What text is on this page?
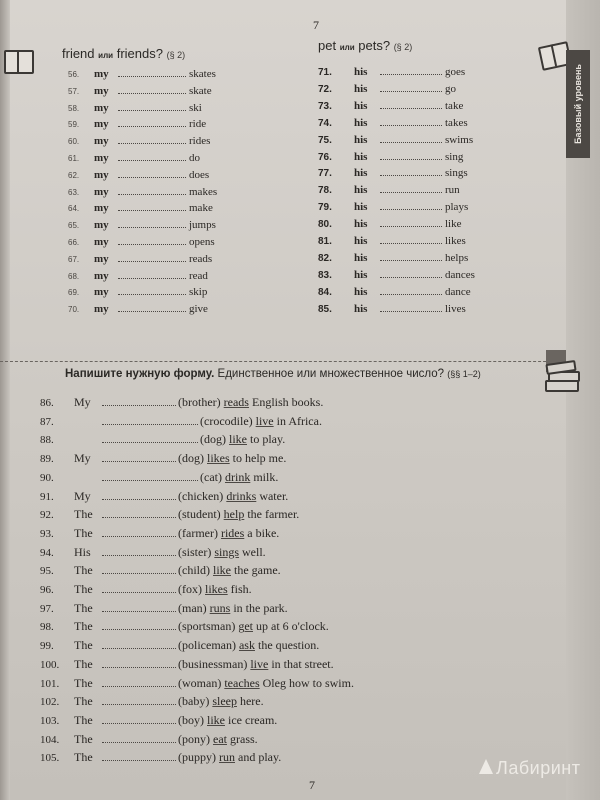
7
friend или friends? (§ 2)
pet или pets? (§ 2)
Базовый уровень
56. my	skates
57. my	skate
58. my	ski
59. my	ride
60. my	rides
61. my	do
62. my	does
63. my	makes
64. my	make
65. my	jumps
66. my	opens
67. my	reads
68. my	read
69. my	skip
70. my	give
71. his	goes
72. his	go
73. his	take
74. his	takes
75. his	swims
76. his	sing
77. his	sings
78. his	run
79. his	plays
80. his	like
81. his	likes
82. his	helps
83. his	dances
84. his	dance
85. his	lives
Напишите нужную форму. Единственное или множественное число? (§§ 1–2)
86. My	(brother) reads English books.
87.	(crocodile) live in Africa.
88.	(dog) like to play.
89. My	(dog) likes to help me.
90.	(cat) drink milk.
91. My	(chicken) drinks water.
92. The	(student) help the farmer.
93. The	(farmer) rides a bike.
94. His	(sister) sings well.
95. The	(child) like the game.
96. The	(fox) likes fish.
97. The	(man) runs in the park.
98. The	(sportsman) get up at 6 o'clock.
99. The	(policeman) ask the question.
100. The	(businessman) live in that street.
101. The	(woman) teaches Oleg how to swim.
102. The	(baby) sleep here.
103. The	(boy) like ice cream.
104. The	(pony) eat grass.
105. The	(puppy) run and play.
7
Лабиринт
